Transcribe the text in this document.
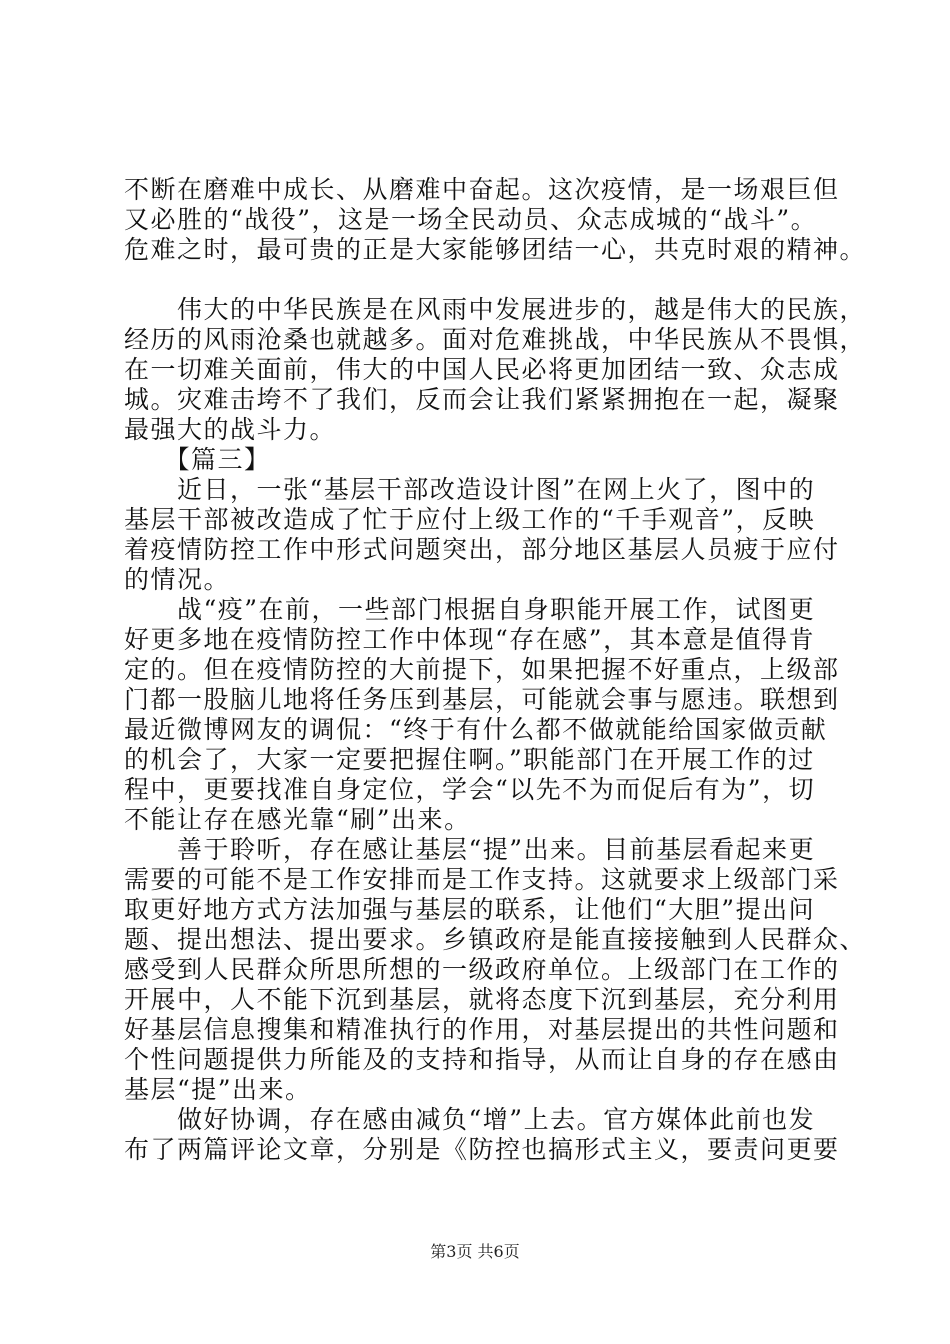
不断在磨难中成长、从磨难中奋起。这次疫情，是一场艰巨但
又必胜的“战役”，这是一场全民动员、众志成城的“战斗”。
危难之时，最可贵的正是大家能够团结一心，共克时艰的精神。
　　伟大的中华民族是在风雨中发展进步的，越是伟大的民族，
经历的风雨沧桑也就越多。面对危难挑战，中华民族从不畏惧，
在一切难关面前，伟大的中国人民必将更加团结一致、众志成
城。灾难击垮不了我们，反而会让我们紧紧拥抱在一起，凝聚
最强大的战斗力。
　　【篇三】
　　近日，一张“基层干部改造设计图”在网上火了，图中的
基层干部被改造成了忙于应付上级工作的“千手观音”，反映
着疫情防控工作中形式问题突出，部分地区基层人员疲于应付
的情况。
　　战“疫”在前，一些部门根据自身职能开展工作，试图更
好更多地在疫情防控工作中体现“存在感”，其本意是值得肯
定的。但在疫情防控的大前提下，如果把握不好重点，上级部
门都一股脑儿地将任务压到基层，可能就会事与愿违。联想到
最近微博网友的调侃：“终于有什么都不做就能给国家做贡献
的机会了，大家一定要把握住啊。”职能部门在开展工作的过
程中，更要找准自身定位，学会“以先不为而促后有为”，切
不能让存在感光靠“刷”出来。
　　善于聆听，存在感让基层“提”出来。目前基层看起来更
需要的可能不是工作安排而是工作支持。这就要求上级部门采
取更好地方式方法加强与基层的联系，让他们“大胆”提出问
题、提出想法、提出要求。乡镇政府是能直接接触到人民群众、
感受到人民群众所思所想的一级政府单位。上级部门在工作的
开展中，人不能下沉到基层，就将态度下沉到基层，充分利用
好基层信息搜集和精准执行的作用，对基层提出的共性问题和
个性问题提供力所能及的支持和指导，从而让自身的存在感由
基层“提”出来。
　　做好协调，存在感由减负“增”上去。官方媒体此前也发
布了两篇评论文章，分别是《防控也搞形式主义，要责问更要
第3页 共6页
